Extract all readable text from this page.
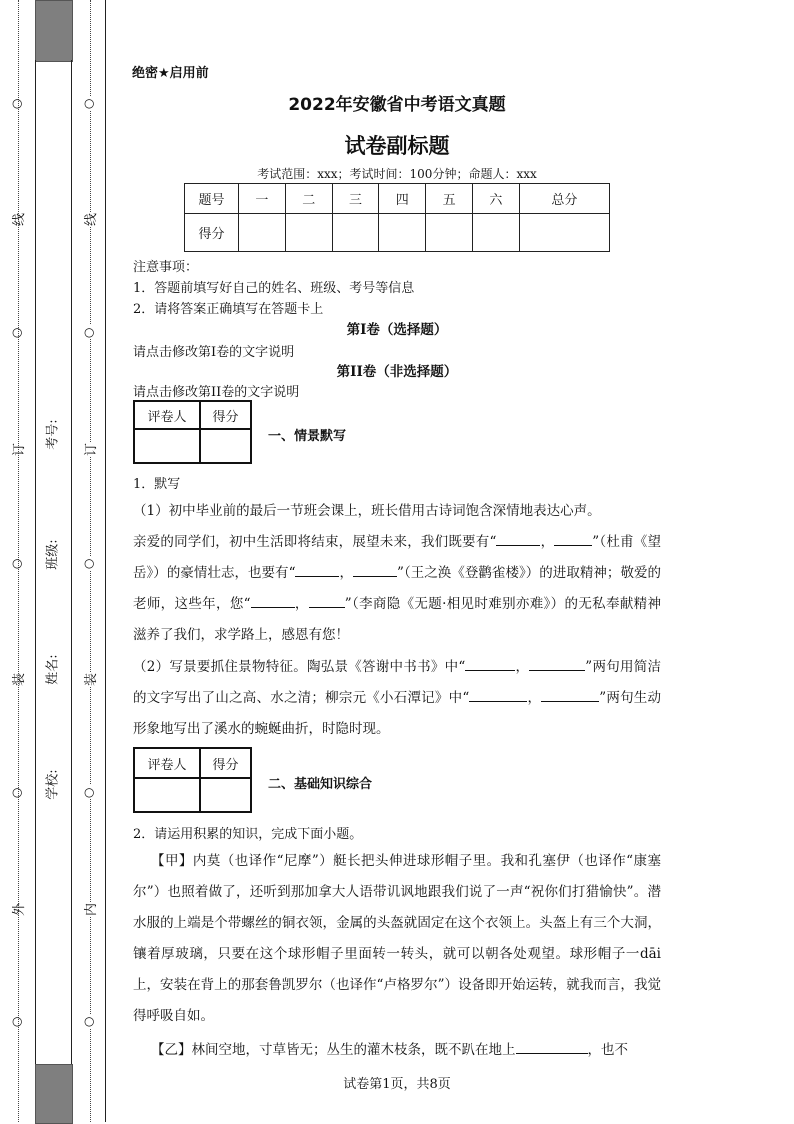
○
线
○
订
○
装
○
外
○
○
线
○
订
○
装
○
内
○
考号:
班级:
姓名:
学校:
绝密★启用前
2022年安徽省中考语文真题
试卷副标题
考试范围：xxx；考试时间：100分钟；命题人：xxx
题号	一	二	三	四	五	六	总分
得分							
注意事项：
1．答题前填写好自己的姓名、班级、考号等信息
2．请将答案正确填写在答题卡上
第I卷（选择题）
请点击修改第I卷的文字说明
第II卷（非选择题）
请点击修改第II卷的文字说明
评卷人	得分

一、情景默写
1．默写
（1）初中毕业前的最后一节班会课上，班长借用古诗词饱含深情地表达心声。
亲爱的同学们，初中生活即将结束，展望未来，我们既要有“	，	”（杜甫《望岳》）的豪情壮志，也要有“	，	”（王之涣《登鹳雀楼》）的进取精神；敬爱的老师，这些年，您“	，	”（李商隐《无题·相见时难别亦难》）的无私奉献精神滋养了我们，求学路上，感恩有您！
（2）写景要抓住景物特征。陶弘景《答谢中书书》中“	，	”两句用简洁的文字写出了山之高、水之清；柳宗元《小石潭记》中“	，	”两句生动形象地写出了溪水的蜿蜒曲折，时隐时现。
评卷人	得分

二、基础知识综合
2．请运用积累的知识，完成下面小题。
【甲】内莫（也译作“尼摩”）艇长把头伸进球形帽子里。我和孔塞伊（也译作“康塞尔”）也照着做了，还听到那加拿大人语带讥讽地跟我们说了一声“祝你们打猎愉快”。潜水服的上端是个带螺丝的铜衣领，金属的头盔就固定在这个衣领上。头盔上有三个大洞，镶着厚玻璃，只要在这个球形帽子里面转一转头，就可以朝各处观望。球形帽子一dāi上，安装在背上的那套鲁凯罗尔（也译作“卢格罗尔”）设备即开始运转，就我而言，我觉得呼吸自如。
【乙】林间空地，寸草皆无；丛生的灌木枝条，既不趴在地上	，也不
试卷第1页，共8页
